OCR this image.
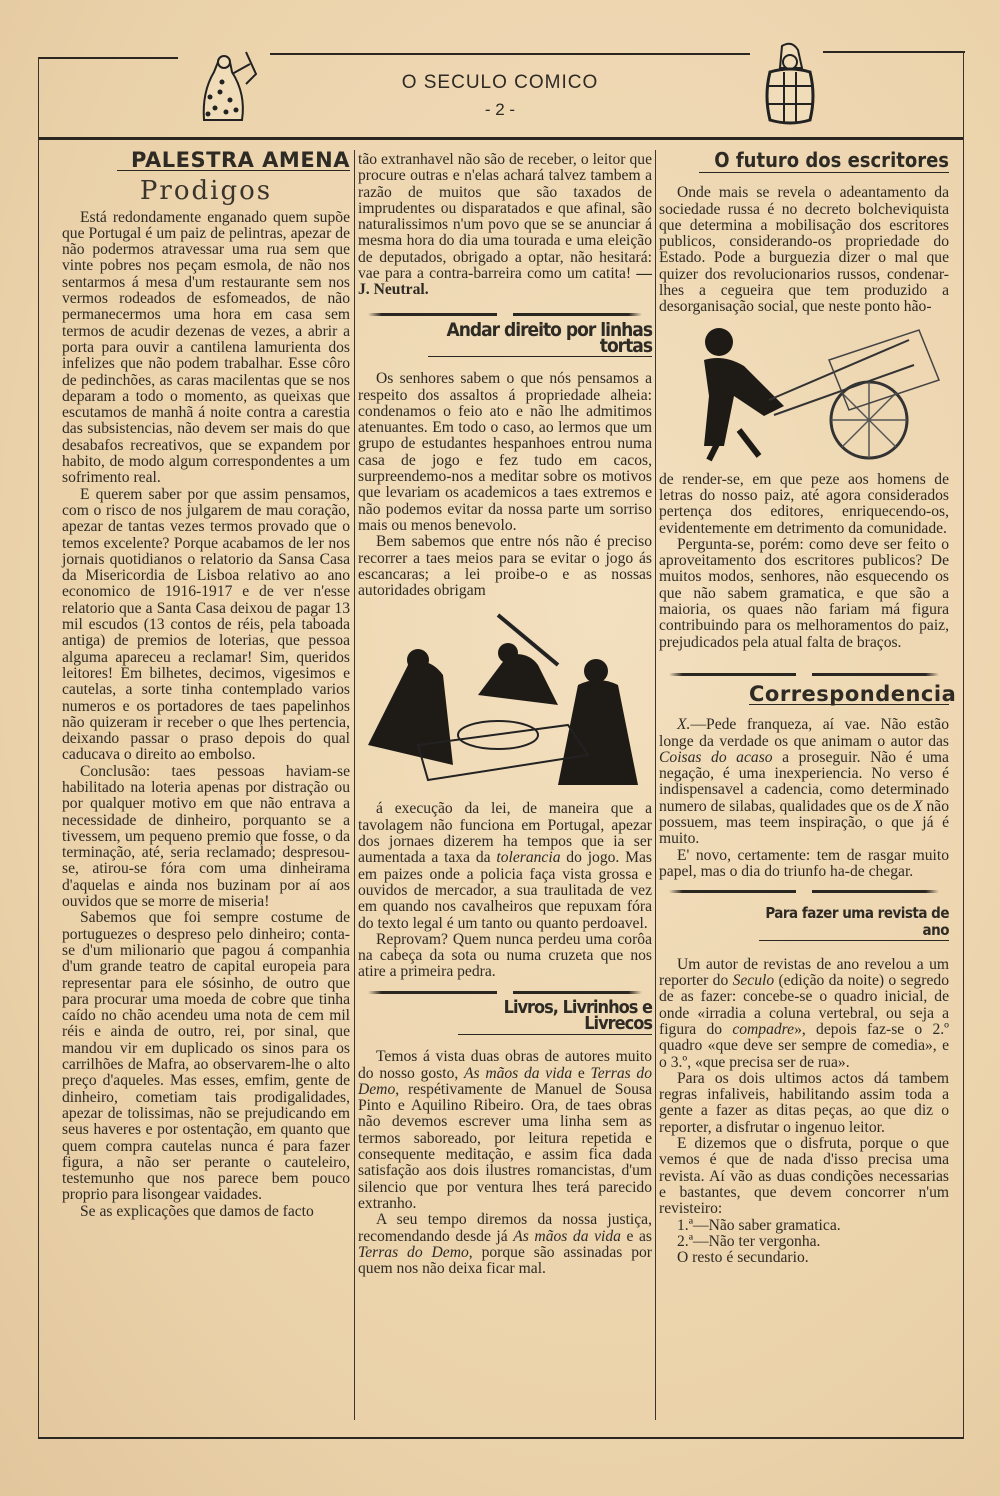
O SECULO COMICO
- 2 -
PALESTRA AMENA
Prodigos

Está redondamente enganado quem supõe que Portugal é um paiz de pelintras, apezar de não podermos atravessar uma rua sem que vinte pobres nos peçam esmola, de não nos sentarmos á mesa d'um restaurante sem nos vermos rodeados de esfomeados, de não permanecermos uma hora em casa sem termos de acudir dezenas de vezes, a abrir a porta para ouvir a cantilena lamurienta dos infelizes que não podem trabalhar. Esse côro de pedinchões, as caras macilentas que se nos deparam a todo o momento, as queixas que escutamos de manhã á noite contra a carestia das subsistencias, não devem ser mais do que desabafos recreativos, que se expandem por habito, de modo algum correspondentes a um sofrimento real.

E querem saber por que assim pensamos, com o risco de nos julgarem de mau coração, apezar de tantas vezes termos provado que o temos excelente? Porque acabamos de ler nos jornais quotidianos o relatorio da Sansa Casa da Misericordia de Lisboa relativo ao ano economico de 1916-1917 e de ver n'esse relatorio que a Santa Casa deixou de pagar 13 mil escudos (13 contos de réis, pela taboada antiga) de premios de loterias, que pessoa alguma apareceu a reclamar! Sim, queridos leitores! Em bilhetes, decimos, vigesimos e cautelas, a sorte tinha contemplado varios numeros e os portadores de taes papelinhos não quizeram ir receber o que lhes pertencia, deixando passar o praso depois do qual caducava o direito ao embolso.

Conclusão: taes pessoas haviam-se habilitado na loteria apenas por distração ou por qualquer motivo em que não entrava a necessidade de dinheiro, porquanto se a tivessem, um pequeno premio que fosse, o da terminação, até, seria reclamado; despresou-se, atirou-se fóra com uma dinheirama d'aquelas e ainda nos buzinam por aí aos ouvidos que se morre de miseria!

Sabemos que foi sempre costume de portuguezes o despreso pelo dinheiro; conta-se d'um milionario que pagou á companhia d'um grande teatro de capital europeia para representar para ele sósinho, de outro que para procurar uma moeda de cobre que tinha caído no chão acendeu uma nota de cem mil réis e ainda de outro, rei, por sinal, que mandou vir em duplicado os sinos para os carrilhões de Mafra, ao observarem-lhe o alto preço d'aqueles. Mas esses, emfim, gente de dinheiro, cometiam tais prodigalidades, apezar de tolissimas, não se prejudicando em seus haveres e por ostentação, em quanto que quem compra cautelas nunca é para fazer figura, a não ser perante o cauteleiro, testemunho que nos parece bem pouco proprio para lisongear vaidades.

Se as explicações que damos de facto

tão extranhavel não são de receber, o leitor que procure outras e n'elas achará talvez tambem a razão de muitos que são taxados de imprudentes ou disparatados e que afinal, são naturalissimos n'um povo que se se anunciar á mesma hora do dia uma tourada e uma eleição de deputados, obrigado a optar, não hesitará: vae para a contra-barreira como um catita! — J. Neutral.
Andar direito por linhas tortas

Os senhores sabem o que nós pensamos a respeito dos assaltos á propriedade alheia: condenamos o feio ato e não lhe admitimos atenuantes. Em todo o caso, ao lermos que um grupo de estudantes hespanhoes entrou numa casa de jogo e fez tudo em cacos, surpreendemo-nos a meditar sobre os motivos que levariam os academicos a taes extremos e não podemos evitar da nossa parte um sorriso mais ou menos benevolo.

Bem sabemos que entre nós não é preciso recorrer a taes meios para se evitar o jogo ás escancaras; a lei proibe-o e as nossas autoridades obrigam

á execução da lei, de maneira que a tavolagem não funciona em Portugal, apezar dos jornaes dizerem ha tempos que ia ser aumentada a taxa da tolerancia do jogo. Mas em paizes onde a policia faça vista grossa e ouvidos de mercador, a sua traulitada de vez em quando nos cavalheiros que repuxam fóra do texto legal é um tanto ou quanto perdoavel.

Reprovam? Quem nunca perdeu uma corôa na cabeça da sota ou numa cruzeta que nos atire a primeira pedra.

Livros, Livrinhos e Livrecos

Temos á vista duas obras de autores muito do nosso gosto, As mãos da vida e Terras do Demo, respétivamente de Manuel de Sousa Pinto e Aquilino Ribeiro. Ora, de taes obras não devemos escrever uma linha sem as termos saboreado, por leitura repetida e consequente meditação, e assim fica dada satisfação aos dois ilustres romancistas, d'um silencio que por ventura lhes terá parecido extranho.

A seu tempo diremos da nossa justiça, recomendando desde já As mãos da vida e as Terras do Demo, porque são assinadas por quem nos não deixa ficar mal.

O futuro dos escritores

Onde mais se revela o adeantamento da sociedade russa é no decreto bolcheviquista que determina a mobilisação dos escritores publicos, considerando-os propriedade do Estado. Pode a burguezia dizer o mal que quizer dos revolucionarios russos, condenar-lhes a cegueira que tem produzido a desorganisação social, que neste ponto hão-

de render-se, em que peze aos homens de letras do nosso paiz, até agora considerados pertença dos editores, enriquecendo-os, evidentemente em detrimento da comunidade.

Pergunta-se, porém: como deve ser feito o aproveitamento dos escritores publicos? De muitos modos, senhores, não esquecendo os que não sabem gramatica, e que são a maioria, os quaes não fariam má figura contribuindo para os melhoramentos do paiz, prejudicados pela atual falta de braços.

Correspondencia

X.—Pede franqueza, aí vae. Não estão longe da verdade os que animam o autor das Coisas do acaso a proseguir. Não é uma negação, é uma inexperiencia. No verso é indispensavel a cadencia, como determinado numero de silabas, qualidades que os de X não possuem, mas teem inspiração, o que já é muito.

E' novo, certamente: tem de rasgar muito papel, mas o dia do triunfo ha-de chegar.

Para fazer uma revista de ano

Um autor de revistas de ano revelou a um reporter do Seculo (edição da noite) o segredo de as fazer: concebe-se o quadro inicial, de onde «irradia a coluna vertebral, ou seja a figura do compadre», depois faz-se o 2.º quadro «que deve ser sempre de comedia», e o 3.º, «que precisa ser de rua».

Para os dois ultimos actos dá tambem regras infaliveis, habilitando assim toda a gente a fazer as ditas peças, ao que diz o reporter, a disfrutar o ingenuo leitor.

E dizemos que o disfruta, porque o que vemos é que de nada d'isso precisa uma revista. Aí vão as duas condições necessarias e bastantes, que devem concorrer n'um revisteiro:

1.ª—Não saber gramatica.

2.ª—Não ter vergonha.

O resto é secundario.
